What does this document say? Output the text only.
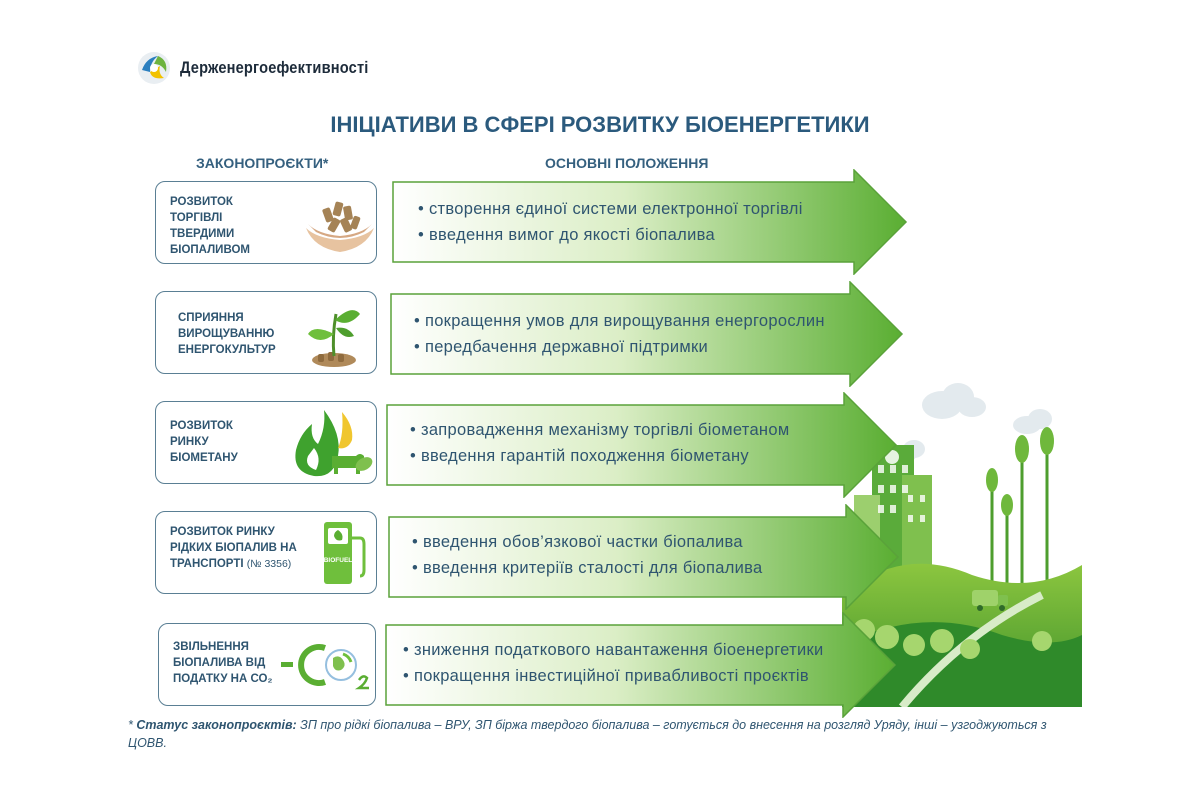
Держенергоефективності
ІНІЦІАТИВИ В СФЕРІ РОЗВИТКУ БІОЕНЕРГЕТИКИ
ЗАКОНОПРОЄКТИ*	ОСНОВНІ ПОЛОЖЕННЯ
РОЗВИТОК
ТОРГІВЛІ
ТВЕРДИМИ
БІОПАЛИВОМ
• створення єдиної системи електронної торгівлі
• введення вимог до якості біопалива
СПРИЯННЯ
ВИРОЩУВАННЮ
ЕНЕРГОКУЛЬТУР
• покращення умов для вирощування енергорослин
• передбачення державної підтримки
РОЗВИТОК
РИНКУ
БІОМЕТАНУ
• запровадження механізму торгівлі біометаном
• введення гарантій походження біометану
РОЗВИТОК РИНКУ
РІДКИХ БІОПАЛИВ НА
ТРАНСПОРТІ (№ 3356)	BIOFUEL
• введення обов’язкової частки біопалива
• введення критеріїв сталості для біопалива
ЗВІЛЬНЕННЯ
БІОПАЛИВА ВІД
ПОДАТКУ НА СО₂
• зниження податкового навантаження біоенергетики
• покращення інвестиційної привабливості проєктів
* Статус законопроєктів: ЗП про рідкі біопалива – ВРУ, ЗП біржа твердого біопалива – готується до внесення на розгляд Уряду, інші – узгоджуються з ЦОВВ.
